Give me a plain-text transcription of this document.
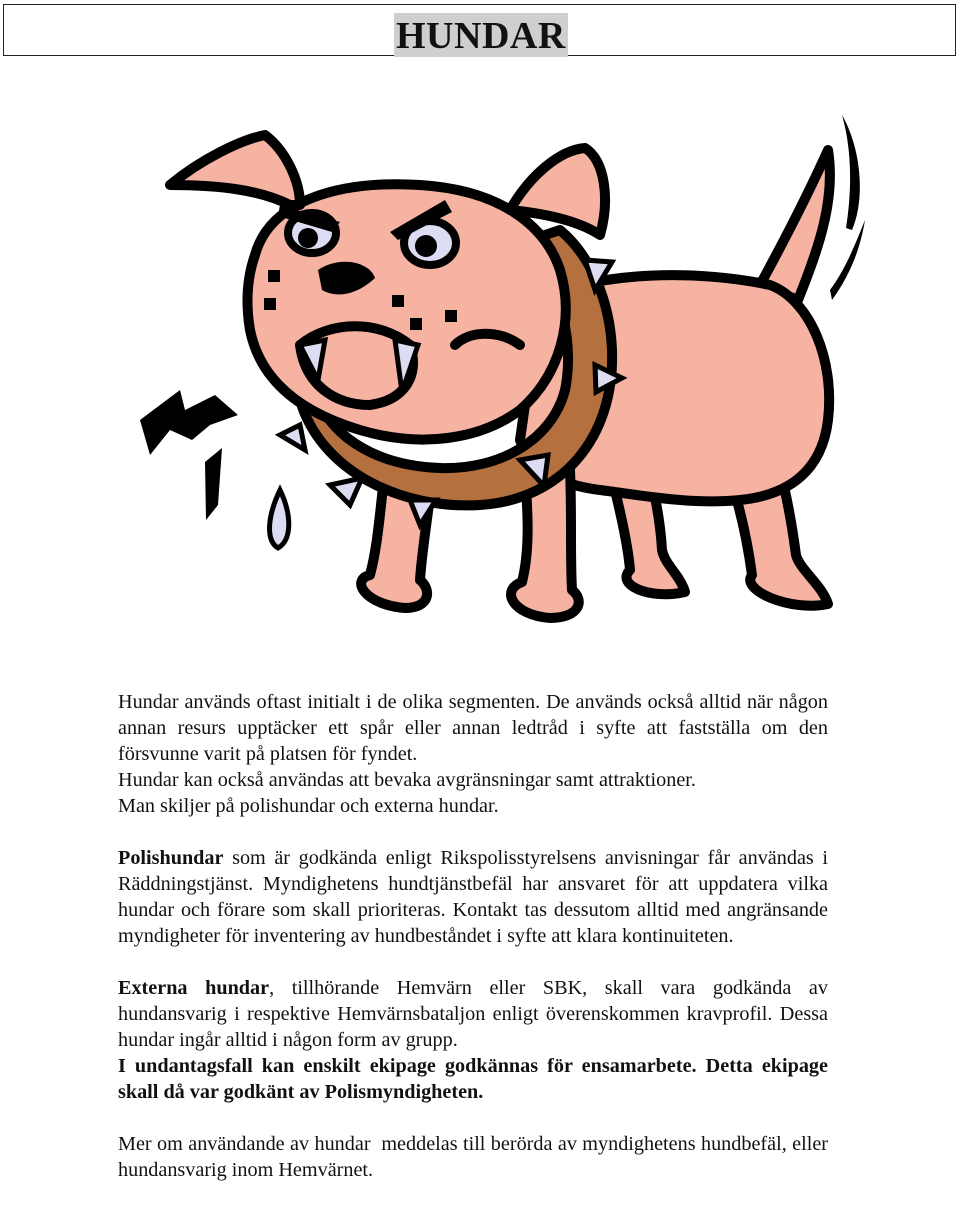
HUNDAR

Hundar används oftast initialt i de olika segmenten. De används också alltid när någon annan resurs upptäcker ett spår eller annan ledtråd i syfte att fastställa om den försvunne varit på platsen för fyndet.
Hundar kan också användas att bevaka avgränsningar samt attraktioner.
Man skiljer på polishundar och externa hundar.

Polishundar som är godkända enligt Rikspolisstyrelsens anvisningar får användas i Räddningstjänst. Myndighetens hundtjänstbefäl har ansvaret för att uppdatera vilka hundar och förare som skall prioriteras. Kontakt tas dessutom alltid med angränsande myndigheter för inventering av hundbeståndet i syfte att klara kontinuiteten.

Externa hundar, tillhörande Hemvärn eller SBK, skall vara godkända av hundansvarig i respektive Hemvärnsbataljon enligt överenskommen kravprofil. Dessa hundar ingår alltid i någon form av grupp.
I undantagsfall kan enskilt ekipage godkännas för ensamarbete. Detta ekipage skall då var godkänt av Polismyndigheten.

Mer om användande av hundar  meddelas till berörda av myndighetens hundbefäl, eller hundansvarig inom Hemvärnet.
